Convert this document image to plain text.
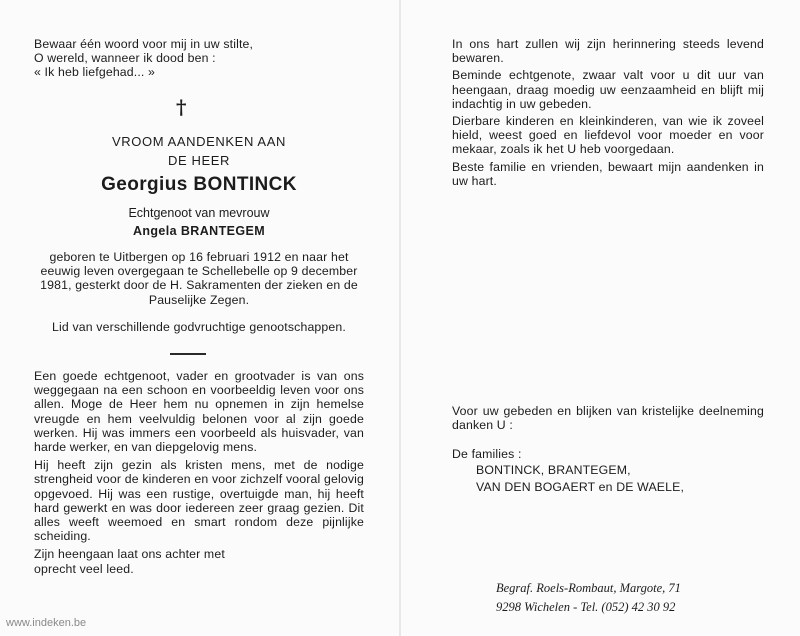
Bewaar één woord voor mij in uw stilte,

O wereld, wanneer ik dood ben :

« Ik heb liefgehad... »

†
VROOM AANDENKEN AAN
DE HEER
Georgius BONTINCK
Echtgenoot van mevrouw
Angela BRANTEGEM

geboren te Uitbergen op 16 februari 1912 en naar het eeuwig leven overgegaan te Schellebelle op 9 december 1981, gesterkt door de H. Sakramenten der zieken en de Pauselijke Zegen.

Lid van verschillende godvruchtige genootschappen.

Een goede echtgenoot, vader en grootvader is van ons weggegaan na een schoon en voorbeeldig leven voor ons allen. Moge de Heer hem nu opnemen in zijn hemelse vreugde en hem veelvuldig belonen voor al zijn goede werken. Hij was immers een voorbeeld als huisvader, van harde werker, en van diepgelovig mens.

Hij heeft zijn gezin als kristen mens, met de nodige strengheid voor de kinderen en voor zichzelf vooral gelovig opgevoed. Hij was een rustige, overtuigde man, hij heeft hard gewerkt en was door iedereen zeer graag gezien. Dit alles weeft weemoed en smart rondom deze pijnlijke scheiding.

Zijn heengaan laat ons achter met oprecht veel leed.

In ons hart zullen wij zijn herinnering steeds levend bewaren.

Beminde echtgenote, zwaar valt voor u dit uur van heengaan, draag moedig uw eenzaamheid en blijft mij indachtig in uw gebeden.

Dierbare kinderen en kleinkinderen, van wie ik zoveel hield, weest goed en liefdevol voor moeder en voor mekaar, zoals ik het U heb voorgedaan.

Beste familie en vrienden, bewaart mijn aandenken in uw hart.

Voor uw gebeden en blijken van kristelijke deelneming danken U :

De families :

BONTINCK, BRANTEGEM,

VAN DEN BOGAERT en DE WAELE,

Begraf. Roels-Rombaut, Margote, 71
9298 Wichelen - Tel. (052) 42 30 92
www.indeken.be
